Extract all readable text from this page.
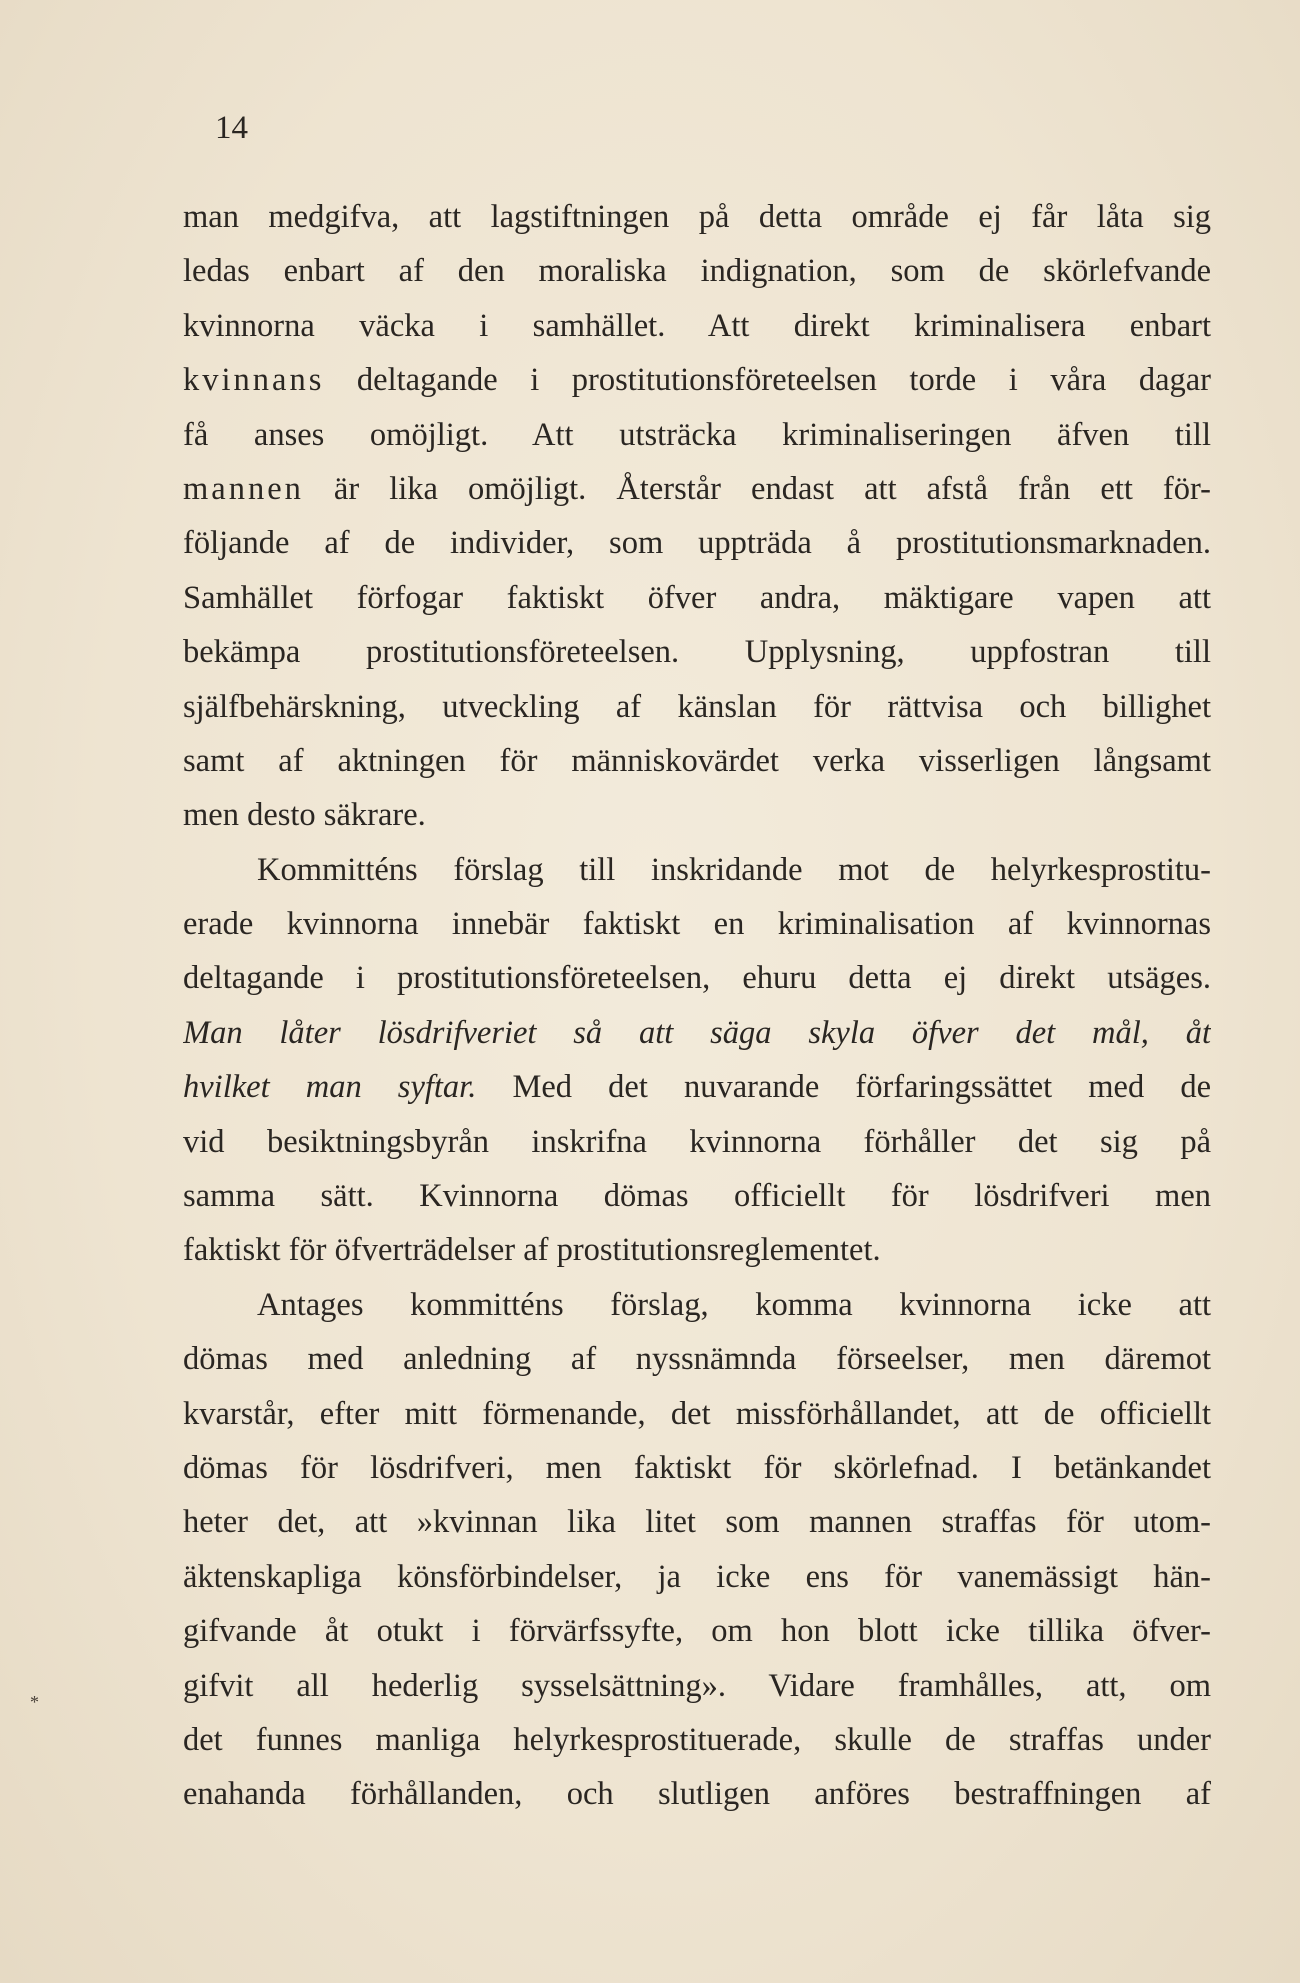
14
man medgifva, att lagstiftningen på detta område ej får låta sig
ledas enbart af den moraliska indignation, som de skörlefvande
kvinnorna väcka i samhället. Att direkt kriminalisera enbart
kvinnans deltagande i prostitutionsföreteelsen torde i våra dagar
få anses omöjligt. Att utsträcka kriminaliseringen äfven till
mannen är lika omöjligt. Återstår endast att afstå från ett för-
följande af de individer, som uppträda å prostitutionsmarknaden.
Samhället förfogar faktiskt öfver andra, mäktigare vapen att
bekämpa prostitutionsföreteelsen. Upplysning, uppfostran till
själfbehärskning, utveckling af känslan för rättvisa och billighet
samt af aktningen för människovärdet verka visserligen långsamt
men desto säkrare.
Kommitténs förslag till inskridande mot de helyrkesprostitu-
erade kvinnorna innebär faktiskt en kriminalisation af kvinnornas
deltagande i prostitutionsföreteelsen, ehuru detta ej direkt utsäges.
Man låter lösdrifveriet så att säga skyla öfver det mål, åt
hvilket man syftar. Med det nuvarande förfaringssättet med de
vid besiktningsbyrån inskrifna kvinnorna förhåller det sig på
samma sätt. Kvinnorna dömas officiellt för lösdrifveri men
faktiskt för öfverträdelser af prostitutionsreglementet.
Antages kommitténs förslag, komma kvinnorna icke att
dömas med anledning af nyssnämnda förseelser, men däremot
kvarstår, efter mitt förmenande, det missförhållandet, att de officiellt
dömas för lösdrifveri, men faktiskt för skörlefnad. I betänkandet
heter det, att »kvinnan lika litet som mannen straffas för utom-
äktenskapliga könsförbindelser, ja icke ens för vanemässigt hän-
gifvande åt otukt i förvärfssyfte, om hon blott icke tillika öfver-
gifvit all hederlig sysselsättning». Vidare framhålles, att, om
det funnes manliga helyrkesprostituerade, skulle de straffas under
enahanda förhållanden, och slutligen anföres bestraffningen af
*
